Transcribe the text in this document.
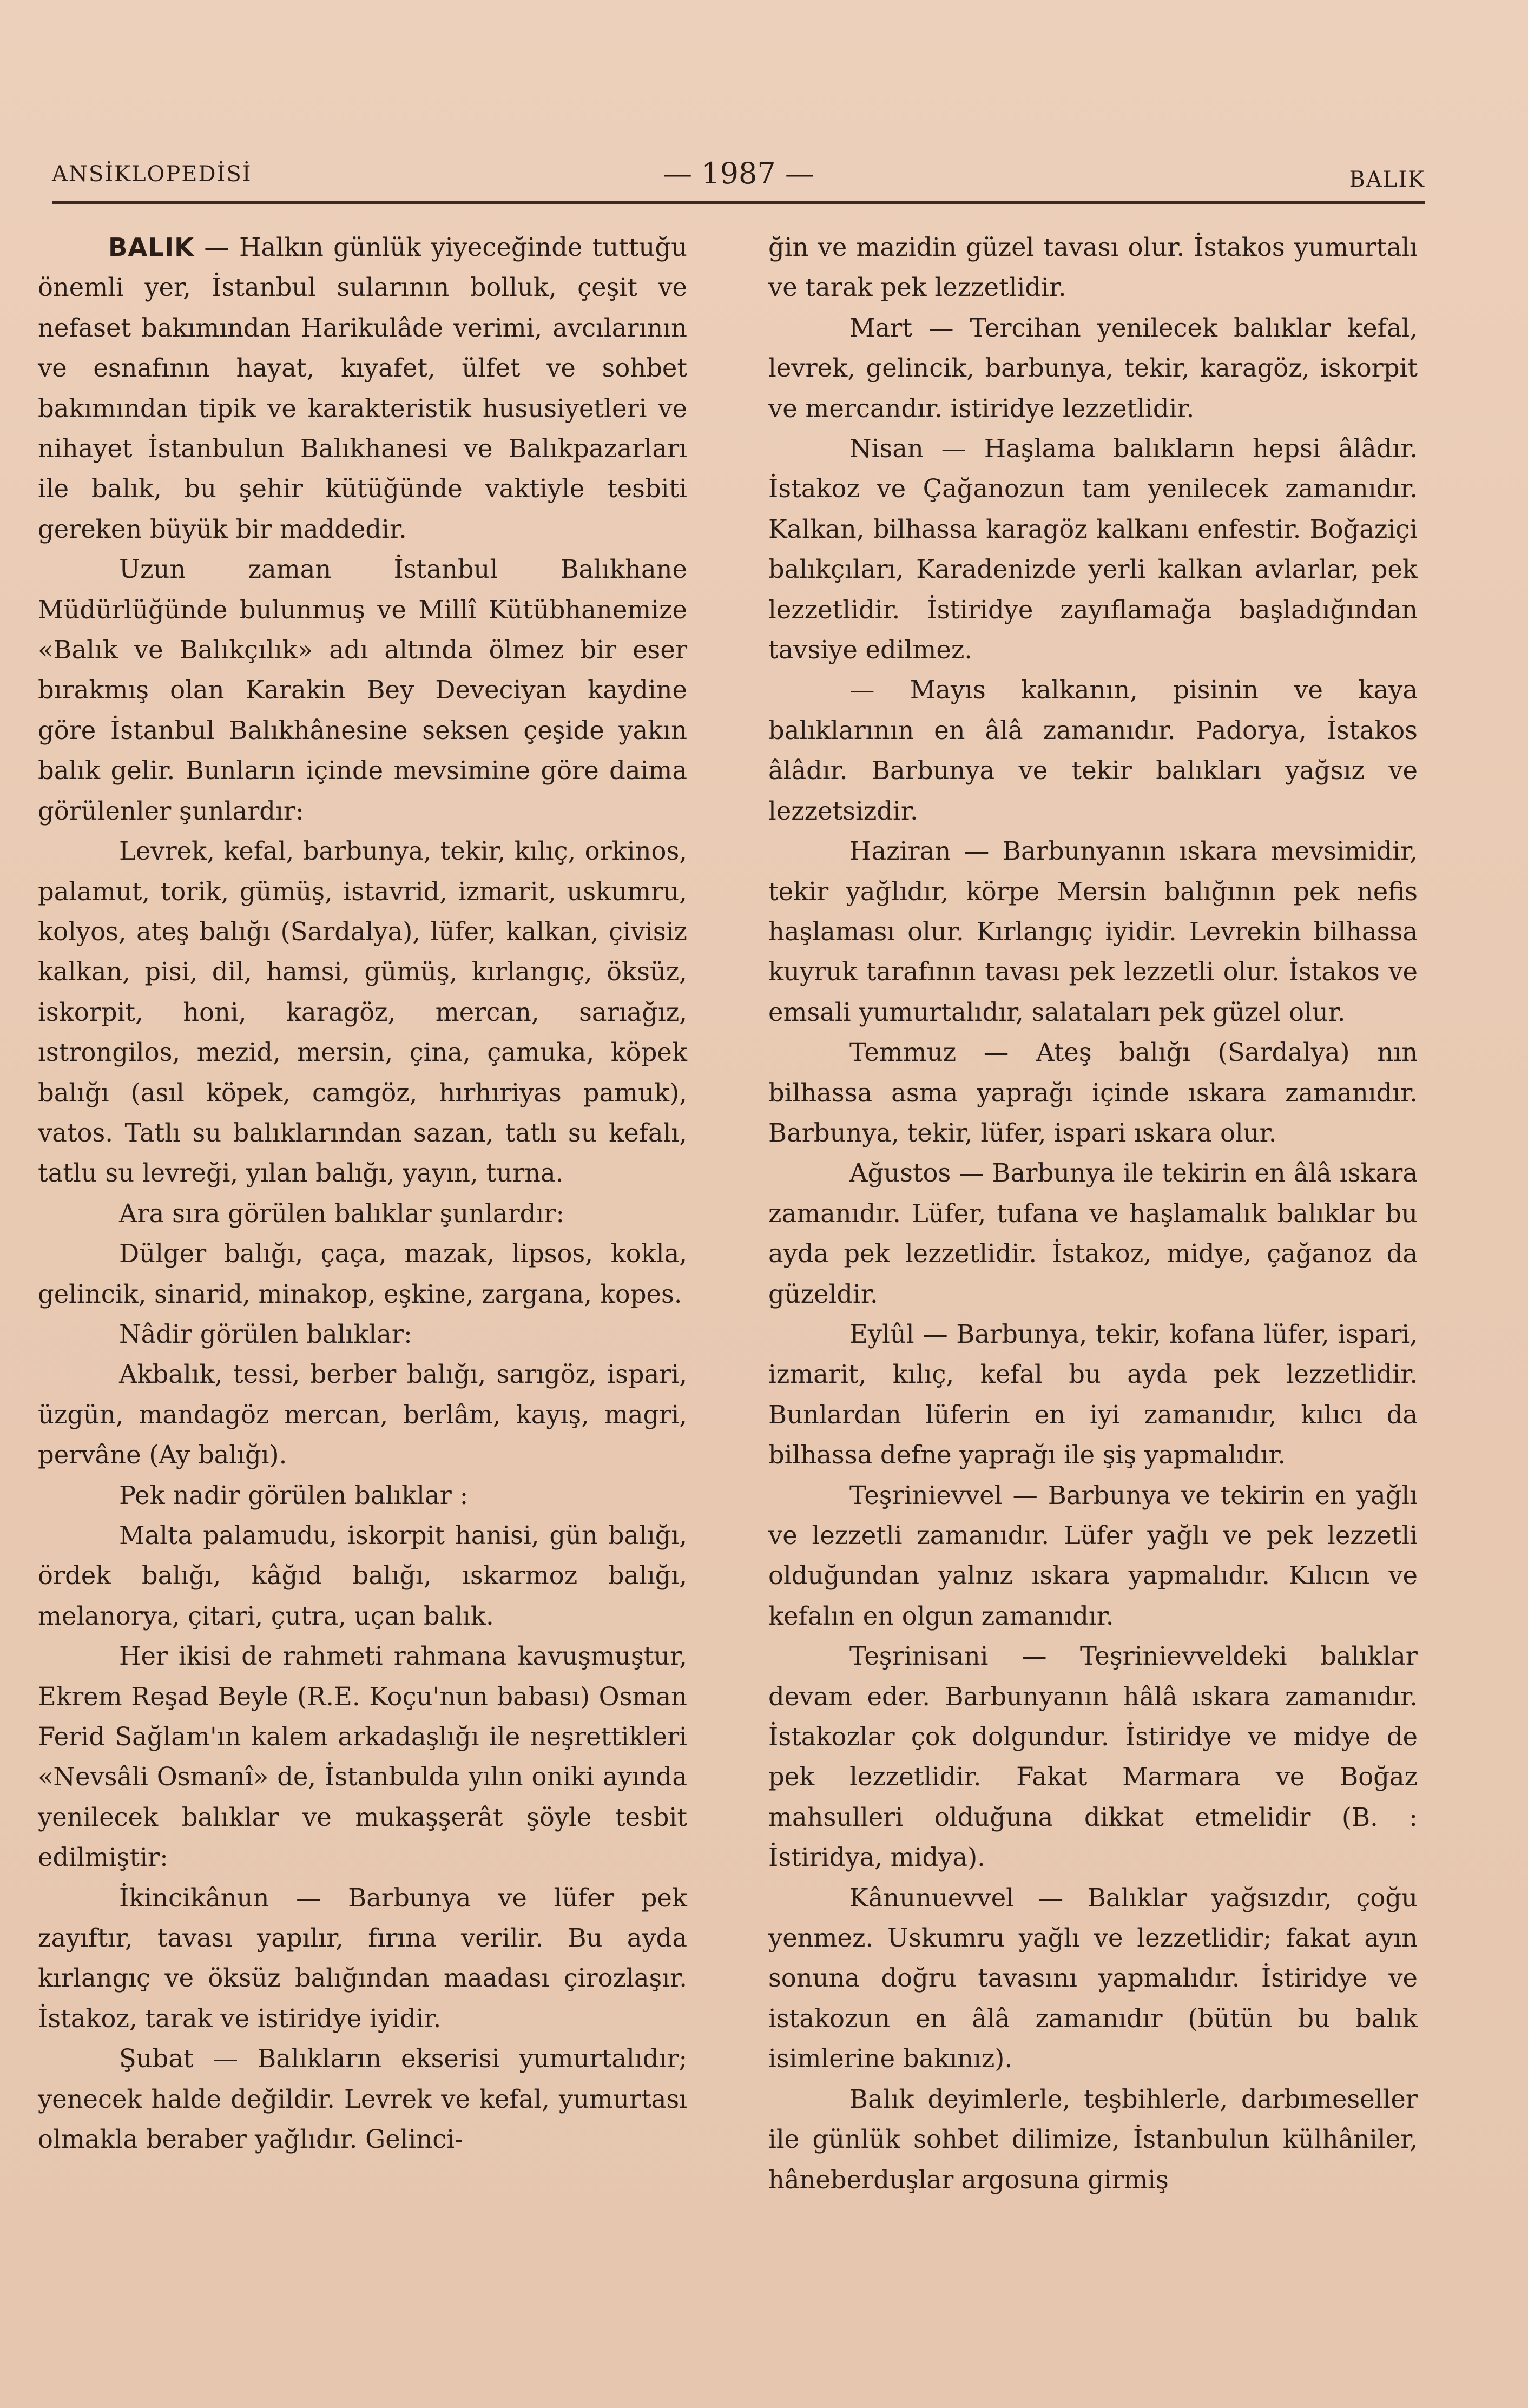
ANSİKLOPEDİSİ	— 1987 —	BALIK

BALIK — Halkın günlük yiyeceğinde tuttuğu önemli yer, İstanbul sularının bolluk, çeşit ve nefaset bakımından Harikulâde verimi, avcılarının ve esnafının hayat, kıyafet, ülfet ve sohbet bakımından tipik ve karakteristik hususiyetleri ve nihayet İstanbulun Balıkhanesi ve Balıkpazarları ile balık, bu şehir kütüğünde vaktiyle tesbiti gereken büyük bir maddedir.

Uzun zaman İstanbul Balıkhane Müdürlüğünde bulunmuş ve Millî Kütübhanemize «Balık ve Balıkçılık» adı altında ölmez bir eser bırakmış olan Karakin Bey Deveciyan kaydine göre İstanbul Balıkhânesine seksen çeşide yakın balık gelir. Bunların içinde mevsimine göre daima görülenler şunlardır:

Levrek, kefal, barbunya, tekir, kılıç, orkinos, palamut, torik, gümüş, istavrid, izmarit, uskumru, kolyos, ateş balığı (Sardalya), lüfer, kalkan, çivisiz kalkan, pisi, dil, hamsi, gümüş, kırlangıç, öksüz, iskorpit, honi, karagöz, mercan, sarıağız, ıstrongilos, mezid, mersin, çina, çamuka, köpek balığı (asıl köpek, camgöz, hırhıriyas pamuk), vatos. Tatlı su balıklarından sazan, tatlı su kefalı, tatlu su levreği, yılan balığı, yayın, turna.

Ara sıra görülen balıklar şunlardır:

Dülger balığı, çaça, mazak, lipsos, kokla, gelincik, sinarid, minakop, eşkine, zargana, kopes.

Nâdir görülen balıklar:

Akbalık, tessi, berber balığı, sarıgöz, ispari, üzgün, mandagöz mercan, berlâm, kayış, magri, pervâne (Ay balığı).

Pek nadir görülen balıklar :

Malta palamudu, iskorpit hanisi, gün balığı, ördek balığı, kâğıd balığı, ıskarmoz balığı, melanorya, çitari, çutra, uçan balık.

Her ikisi de rahmeti rahmana kavuşmuştur, Ekrem Reşad Beyle (R.E. Koçu'nun babası) Osman Ferid Sağlam'ın kalem arkadaşlığı ile neşrettikleri «Nevsâli Osmanî» de, İstanbulda yılın oniki ayında yenilecek balıklar ve mukaşşerât şöyle tesbit edilmiştir:

İkincikânun — Barbunya ve lüfer pek zayıftır, tavası yapılır, fırına verilir. Bu ayda kırlangıç ve öksüz balığından maadası çirozlaşır. İstakoz, tarak ve istiridye iyidir.

Şubat — Balıkların ekserisi yumurtalıdır; yenecek halde değildir. Levrek ve kefal, yumurtası olmakla beraber yağlıdır. Gelinci-

ğin ve mazidin güzel tavası olur. İstakos yumurtalı ve tarak pek lezzetlidir.

Mart — Tercihan yenilecek balıklar kefal, levrek, gelincik, barbunya, tekir, karagöz, iskorpit ve mercandır. istiridye lezzetlidir.

Nisan — Haşlama balıkların hepsi âlâdır. İstakoz ve Çağanozun tam yenilecek zamanıdır. Kalkan, bilhassa karagöz kalkanı enfestir. Boğaziçi balıkçıları, Karadenizde yerli kalkan avlarlar, pek lezzetlidir. İstiridye zayıflamağa başladığından tavsiye edilmez.

— Mayıs kalkanın, pisinin ve kaya balıklarının en âlâ zamanıdır. Padorya, İstakos âlâdır. Barbunya ve tekir balıkları yağsız ve lezzetsizdir.

Haziran — Barbunyanın ıskara mevsimidir, tekir yağlıdır, körpe Mersin balığının pek nefis haşlaması olur. Kırlangıç iyidir. Levrekin bilhassa kuyruk tarafının tavası pek lezzetli olur. İstakos ve emsali yumurtalıdır, salataları pek güzel olur.

Temmuz — Ateş balığı (Sardalya) nın bilhassa asma yaprağı içinde ıskara zamanıdır. Barbunya, tekir, lüfer, ispari ıskara olur.

Ağustos — Barbunya ile tekirin en âlâ ıskara zamanıdır. Lüfer, tufana ve haşlamalık balıklar bu ayda pek lezzetlidir. İstakoz, midye, çağanoz da güzeldir.

Eylûl — Barbunya, tekir, kofana lüfer, ispari, izmarit, kılıç, kefal bu ayda pek lezzetlidir. Bunlardan lüferin en iyi zamanıdır, kılıcı da bilhassa defne yaprağı ile şiş yapmalıdır.

Teşrinievvel — Barbunya ve tekirin en yağlı ve lezzetli zamanıdır. Lüfer yağlı ve pek lezzetli olduğundan yalnız ıskara yapmalıdır. Kılıcın ve kefalın en olgun zamanıdır.

Teşrinisani — Teşrinievveldeki balıklar devam eder. Barbunyanın hâlâ ıskara zamanıdır. İstakozlar çok dolgundur. İstiridye ve midye de pek lezzetlidir. Fakat Marmara ve Boğaz mahsulleri olduğuna dikkat etmelidir (B. : İstiridya, midya).

Kânunuevvel — Balıklar yağsızdır, çoğu yenmez. Uskumru yağlı ve lezzetlidir; fakat ayın sonuna doğru tavasını yapmalıdır. İstiridye ve istakozun en âlâ zamanıdır (bütün bu balık isimlerine bakınız).

Balık deyimlerle, teşbihlerle, darbımeseller ile günlük sohbet dilimize, İstanbulun külhâniler, hâneberduşlar argosuna girmiş
